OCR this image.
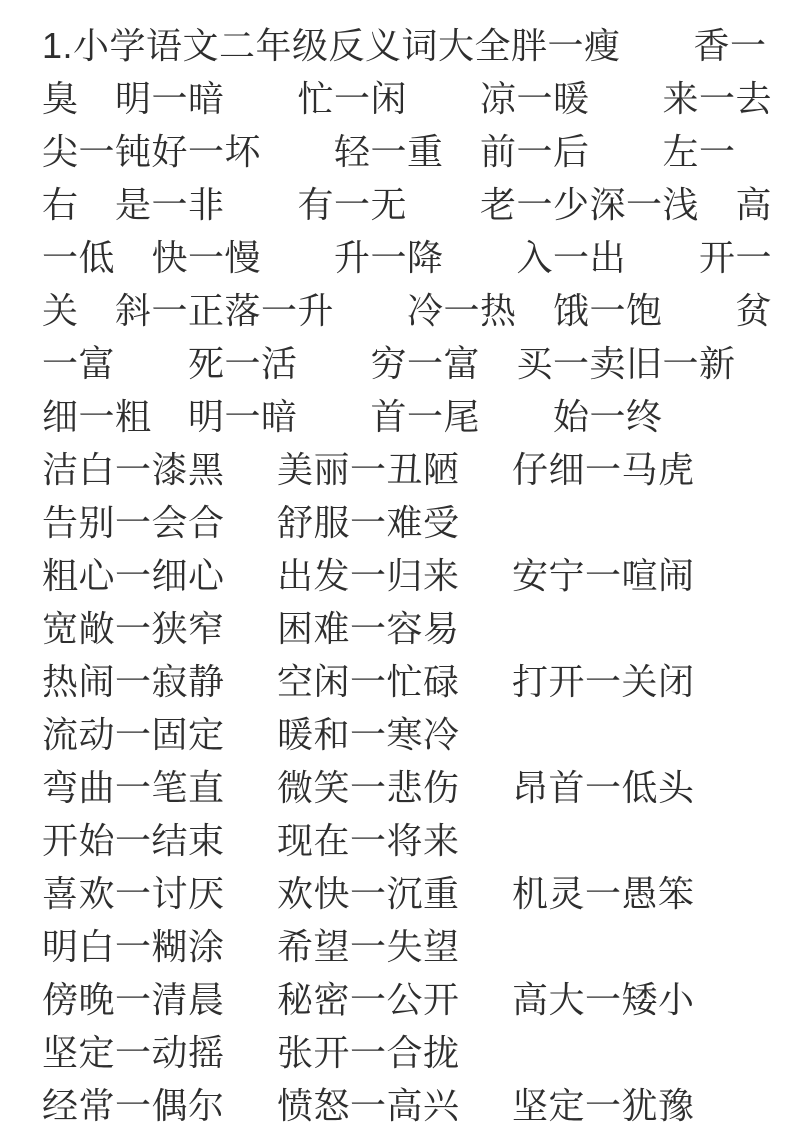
1.小学语文二年级反义词大全胖一瘦　　香一
臭　明一暗　　忙一闲　　凉一暖　　来一去
尖一钝好一坏　　轻一重　前一后　　左一
右　是一非　　有一无　　老一少深一浅　高
一低　快一慢　　升一降　　入一出　　开一
关　斜一正落一升　　冷一热　饿一饱　　贫
一富　　死一活　　穷一富　买一卖旧一新
细一粗　明一暗　　首一尾　　始一终
洁白一漆黑	美丽一丑陋	仔细一马虎
告别一会合	舒服一难受
粗心一细心	出发一归来	安宁一喧闹
宽敞一狭窄	困难一容易
热闹一寂静	空闲一忙碌	打开一关闭
流动一固定	暖和一寒冷
弯曲一笔直	微笑一悲伤	昂首一低头
开始一结束	现在一将来
喜欢一讨厌	欢快一沉重	机灵一愚笨
明白一糊涂	希望一失望
傍晚一清晨	秘密一公开	高大一矮小
坚定一动摇	张开一合拢
经常一偶尔	愤怒一高兴	坚定一犹豫
